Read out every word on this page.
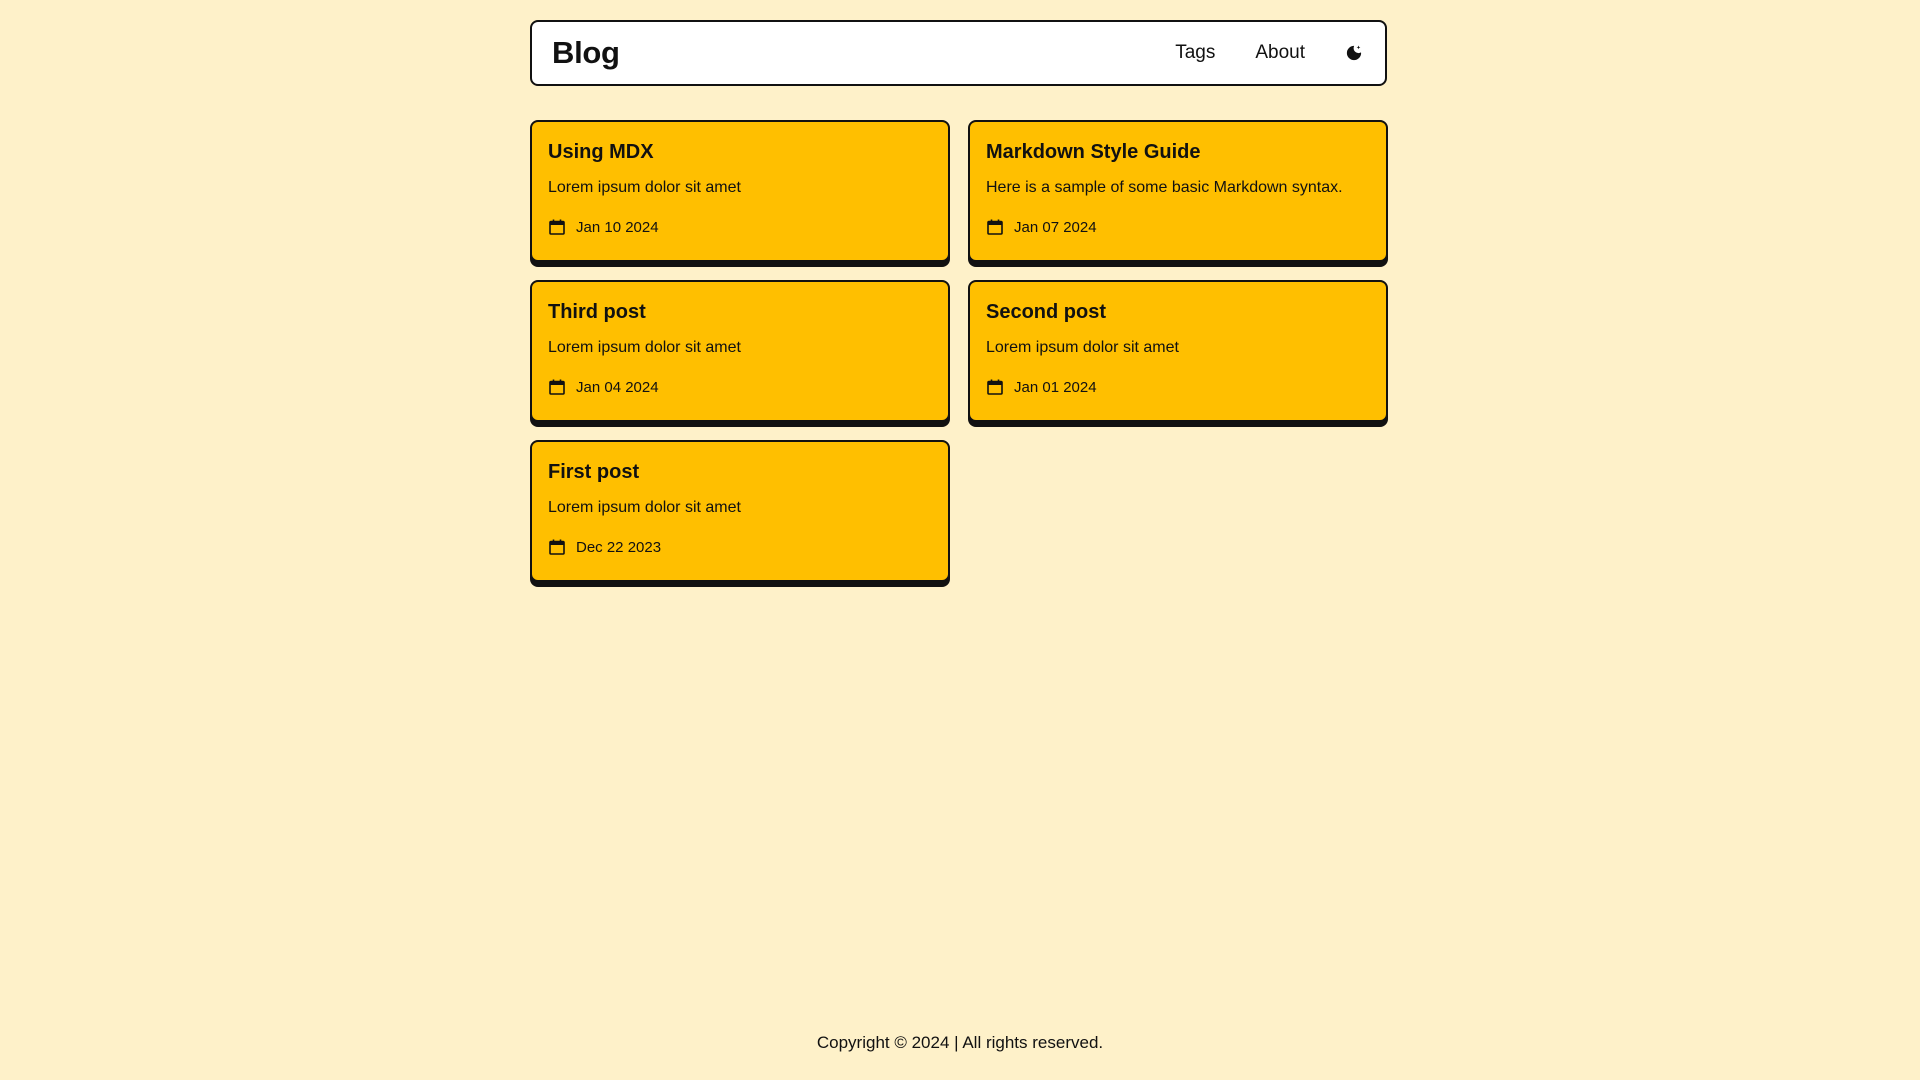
Blog	Tags About
Using MDX
Lorem ipsum dolor sit amet
Jan 10 2024
Markdown Style Guide
Here is a sample of some basic Markdown syntax.
Jan 07 2024
Third post
Lorem ipsum dolor sit amet
Jan 04 2024
Second post
Lorem ipsum dolor sit amet
Jan 01 2024
First post
Lorem ipsum dolor sit amet
Dec 22 2023
Copyright © 2024 | All rights reserved.
